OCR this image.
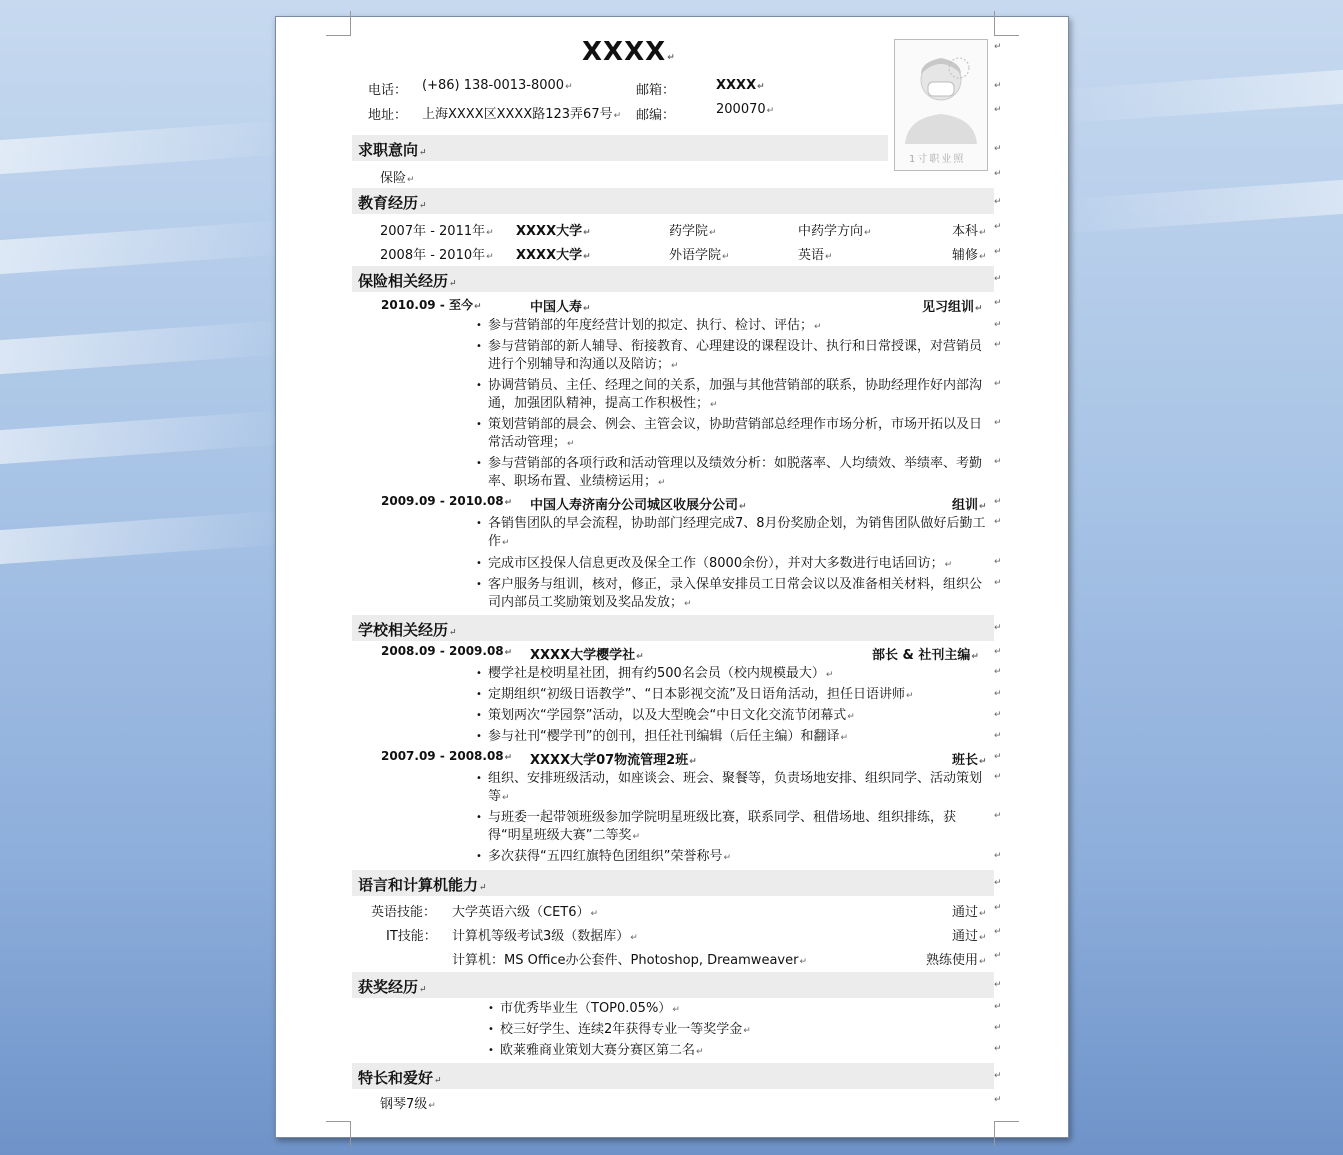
XXXX ↵
电话： (+86) 138-0013-8000 ↵	邮箱：	XXXX ↵
地址： 上海XXXX区XXXX路123弄67号 ↵	邮编：	200070 ↵
1寸职业照
求职意向 ↵
保险 ↵
教育经历 ↵
2007年 - 2011年 ↵	XXXX大学 ↵	药学院 ↵	中药学方向 ↵	本科 ↵
2008年 - 2010年 ↵	XXXX大学 ↵	外语学院 ↵	英语 ↵	辅修 ↵
保险相关经历 ↵
2010.09 - 至今 ↵	中国人寿 ↵	见习组训 ↵
• 参与营销部的年度经营计划的拟定、执行、检讨、评估； ↵
• 参与营销部的新人辅导、衔接教育、心理建设的课程设计、执行和日常授课，对营销员进行个别辅导和沟通以及陪访； ↵
• 协调营销员、主任、经理之间的关系，加强与其他营销部的联系，协助经理作好内部沟通，加强团队精神，提高工作积极性； ↵
• 策划营销部的晨会、例会、主管会议，协助营销部总经理作市场分析，市场开拓以及日常活动管理； ↵
• 参与营销部的各项行政和活动管理以及绩效分析：如脱落率、人均绩效、举绩率、考勤率、职场布置、业绩榜运用； ↵
2009.09 - 2010.08 ↵	中国人寿济南分公司城区收展分公司 ↵	组训 ↵
• 各销售团队的早会流程，协助部门经理完成7、8月份奖励企划，为销售团队做好后勤工作 ↵
• 完成市区投保人信息更改及保全工作（8000余份），并对大多数进行电话回访； ↵
• 客户服务与组训，核对，修正，录入保单安排员工日常会议以及准备相关材料，组织公司内部员工奖励策划及奖品发放； ↵
学校相关经历 ↵
2008.09 - 2009.08 ↵	XXXX大学樱学社 ↵	部长 & 社刊主编 ↵
• 樱学社是校明星社团，拥有约500名会员（校内规模最大） ↵
• 定期组织“初级日语教学”、“日本影视交流”及日语角活动，担任日语讲师 ↵
• 策划两次“学园祭”活动，以及大型晚会“中日文化交流节闭幕式 ↵
• 参与社刊“樱学刊”的创刊，担任社刊编辑（后任主编）和翻译 ↵
2007.09 - 2008.08 ↵	XXXX大学07物流管理2班 ↵	班长 ↵
• 组织、安排班级活动，如座谈会、班会、聚餐等，负责场地安排、组织同学、活动策划等 ↵
• 与班委一起带领班级参加学院明星班级比赛，联系同学、租借场地、组织排练，获得“明星班级大赛”二等奖 ↵
• 多次获得“五四红旗特色团组织”荣誉称号 ↵
语言和计算机能力 ↵
英语技能： 大学英语六级（CET6） ↵	通过 ↵
IT技能： 计算机等级考试3级（数据库） ↵	通过 ↵
计算机：MS Office办公套件、Photoshop, Dreamweaver ↵	熟练使用 ↵
获奖经历 ↵
• 市优秀毕业生（TOP0.05%） ↵
• 校三好学生、连续2年获得专业一等奖学金 ↵
• 欧莱雅商业策划大赛分赛区第二名 ↵
特长和爱好 ↵
钢琴7级 ↵
↵
↵
↵
↵
↵
↵
↵
↵
↵
↵
↵
↵
↵
↵
↵
↵
↵
↵
↵
↵
↵
↵
↵
↵
↵
↵
↵
↵
↵
↵
↵
↵
↵
↵
↵
↵
↵
↵
↵
